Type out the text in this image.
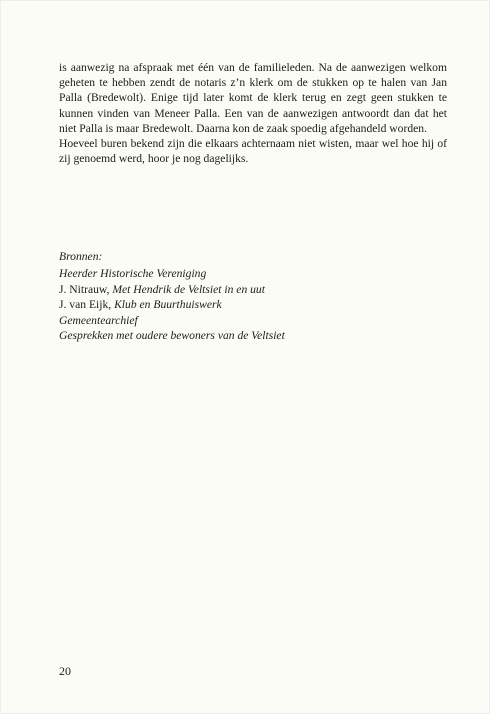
is aanwezig na afspraak met één van de familieleden. Na de aanwezigen welkom geheten te hebben zendt de notaris z’n klerk om de stukken op te halen van Jan Palla (Bredewolt). Enige tijd later komt de klerk terug en zegt geen stukken te kunnen vinden van Meneer Palla. Een van de aanwezigen antwoordt dan dat het niet Palla is maar Bredewolt. Daarna kon de zaak spoedig afgehandeld worden.

Hoeveel buren bekend zijn die elkaars achternaam niet wisten, maar wel hoe hij of zij genoemd werd, hoor je nog dagelijks.

Bronnen:
Heerder Historische Vereniging
J. Nitrauw, Met Hendrik de Veltsiet in en uut
J. van Eijk, Klub en Buurthuiswerk
Gemeentearchief
Gesprekken met oudere bewoners van de Veltsiet
20
